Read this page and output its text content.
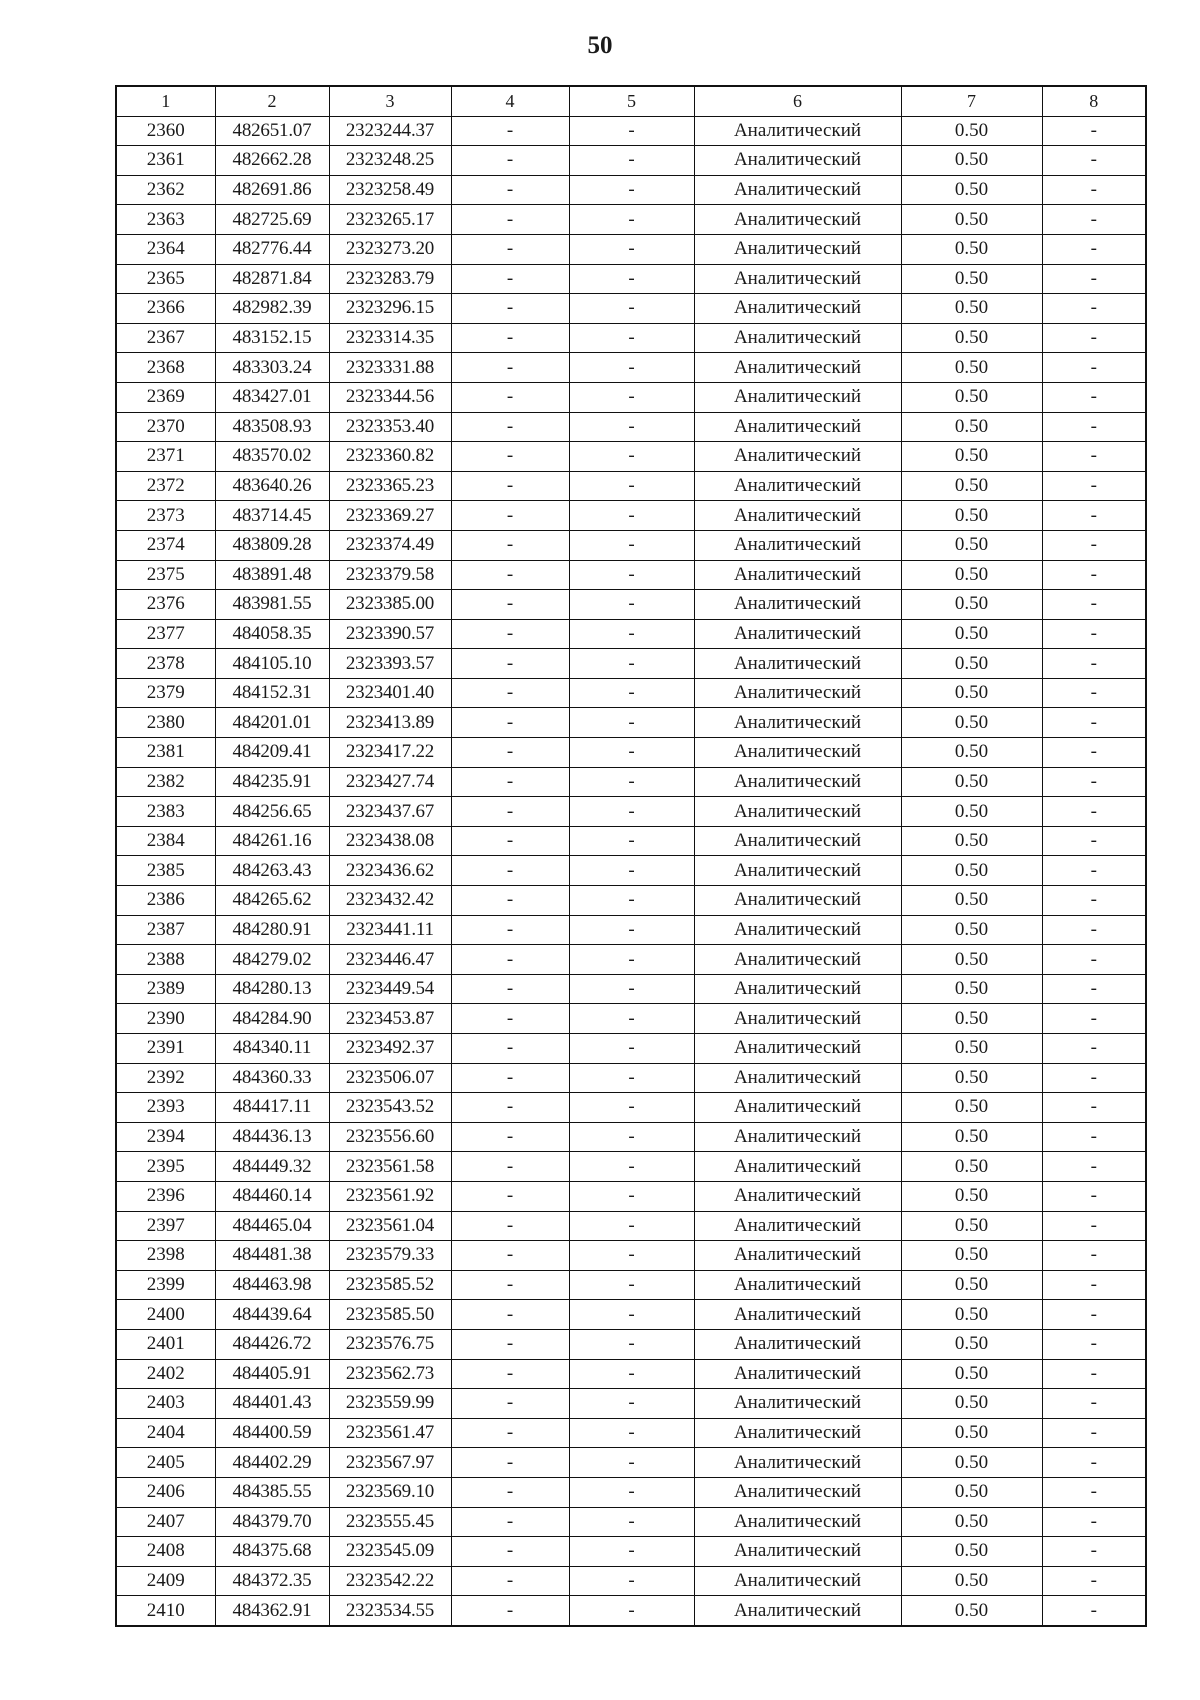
50
1	2	3	4	5	6	7	8
2360	482651.07	2323244.37	-	-	Аналитический	0.50	-
2361	482662.28	2323248.25	-	-	Аналитический	0.50	-
2362	482691.86	2323258.49	-	-	Аналитический	0.50	-
2363	482725.69	2323265.17	-	-	Аналитический	0.50	-
2364	482776.44	2323273.20	-	-	Аналитический	0.50	-
2365	482871.84	2323283.79	-	-	Аналитический	0.50	-
2366	482982.39	2323296.15	-	-	Аналитический	0.50	-
2367	483152.15	2323314.35	-	-	Аналитический	0.50	-
2368	483303.24	2323331.88	-	-	Аналитический	0.50	-
2369	483427.01	2323344.56	-	-	Аналитический	0.50	-
2370	483508.93	2323353.40	-	-	Аналитический	0.50	-
2371	483570.02	2323360.82	-	-	Аналитический	0.50	-
2372	483640.26	2323365.23	-	-	Аналитический	0.50	-
2373	483714.45	2323369.27	-	-	Аналитический	0.50	-
2374	483809.28	2323374.49	-	-	Аналитический	0.50	-
2375	483891.48	2323379.58	-	-	Аналитический	0.50	-
2376	483981.55	2323385.00	-	-	Аналитический	0.50	-
2377	484058.35	2323390.57	-	-	Аналитический	0.50	-
2378	484105.10	2323393.57	-	-	Аналитический	0.50	-
2379	484152.31	2323401.40	-	-	Аналитический	0.50	-
2380	484201.01	2323413.89	-	-	Аналитический	0.50	-
2381	484209.41	2323417.22	-	-	Аналитический	0.50	-
2382	484235.91	2323427.74	-	-	Аналитический	0.50	-
2383	484256.65	2323437.67	-	-	Аналитический	0.50	-
2384	484261.16	2323438.08	-	-	Аналитический	0.50	-
2385	484263.43	2323436.62	-	-	Аналитический	0.50	-
2386	484265.62	2323432.42	-	-	Аналитический	0.50	-
2387	484280.91	2323441.11	-	-	Аналитический	0.50	-
2388	484279.02	2323446.47	-	-	Аналитический	0.50	-
2389	484280.13	2323449.54	-	-	Аналитический	0.50	-
2390	484284.90	2323453.87	-	-	Аналитический	0.50	-
2391	484340.11	2323492.37	-	-	Аналитический	0.50	-
2392	484360.33	2323506.07	-	-	Аналитический	0.50	-
2393	484417.11	2323543.52	-	-	Аналитический	0.50	-
2394	484436.13	2323556.60	-	-	Аналитический	0.50	-
2395	484449.32	2323561.58	-	-	Аналитический	0.50	-
2396	484460.14	2323561.92	-	-	Аналитический	0.50	-
2397	484465.04	2323561.04	-	-	Аналитический	0.50	-
2398	484481.38	2323579.33	-	-	Аналитический	0.50	-
2399	484463.98	2323585.52	-	-	Аналитический	0.50	-
2400	484439.64	2323585.50	-	-	Аналитический	0.50	-
2401	484426.72	2323576.75	-	-	Аналитический	0.50	-
2402	484405.91	2323562.73	-	-	Аналитический	0.50	-
2403	484401.43	2323559.99	-	-	Аналитический	0.50	-
2404	484400.59	2323561.47	-	-	Аналитический	0.50	-
2405	484402.29	2323567.97	-	-	Аналитический	0.50	-
2406	484385.55	2323569.10	-	-	Аналитический	0.50	-
2407	484379.70	2323555.45	-	-	Аналитический	0.50	-
2408	484375.68	2323545.09	-	-	Аналитический	0.50	-
2409	484372.35	2323542.22	-	-	Аналитический	0.50	-
2410	484362.91	2323534.55	-	-	Аналитический	0.50	-
